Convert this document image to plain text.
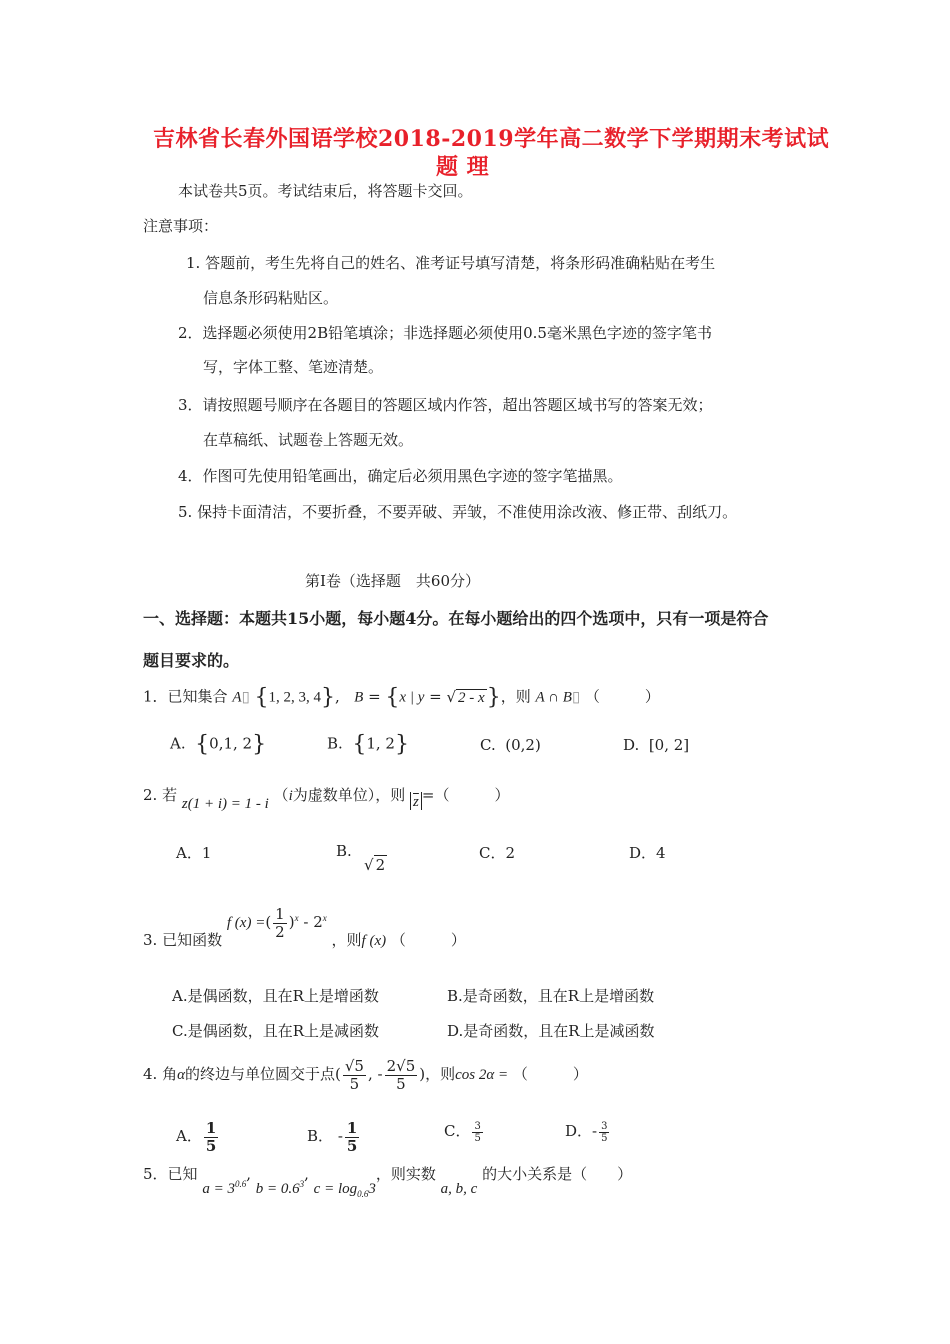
吉林省长春外国语学校2018-2019学年高二数学下学期期末考试试
题 理
本试卷共5页。考试结束后，将答题卡交回。
注意事项：
1. 答题前，考生先将自己的姓名、准考证号填写清楚，将条形码准确粘贴在考生
信息条形码粘贴区。
2．选择题必须使用2B铅笔填涂；非选择题必须使用0.5毫米黑色字迹的签字笔书
写，字体工整、笔迹清楚。
3．请按照题号顺序在各题目的答题区域内作答，超出答题区域书写的答案无效；
在草稿纸、试题卷上答题无效。
4．作图可先使用铅笔画出，确定后必须用黑色字迹的签字笔描黑。
5. 保持卡面清洁，不要折叠，不要弄破、弄皱，不准使用涂改液、修正带、刮纸刀。
第Ⅰ卷（选择题　共60分）
一、选择题：本题共15小题，每小题4分。在每小题给出的四个选项中，只有一项是符合
题目要求的。
1．已知集合 A▯ {1, 2, 3, 4},   B = {x | y = √ 2 - x}，则 A ∩ B▯ （　　　）
A. {0,1, 2}	B. {1, 2}	C. (0,2)	D. [0, 2]
2. 若 z(1 + i) = 1 - i （i为虚数单位），则 $\overline{z}$ =（　　　）
A．1	B.
√ 2
C．2	D．4
3. 已知函数 f (x) =( $\frac{1}{2} )^x - 2^x$ ，则f (x) （　　　）
A.是偶函数，且在R上是增函数	B.是奇函数，且在R上是增函数
C.是偶函数，且在R上是减函数	D.是奇函数，且在R上是减函数
4. 角α的终边与单位圆交于点( $\frac{√5}{5}$ , - $\frac{2√5}{5}$ )，则cos 2α = （　　　）
A． $\frac{1}{5}$	B． - $\frac{1}{5}$	C． $\frac{3}{5}$	D．- $\frac{3}{5}$
5．已知 $a = 3^{0.6}$, $b = 0.6^3$, $c = \log_{0.6}3$，则实数 a, b, c 的大小关系是（　　）
